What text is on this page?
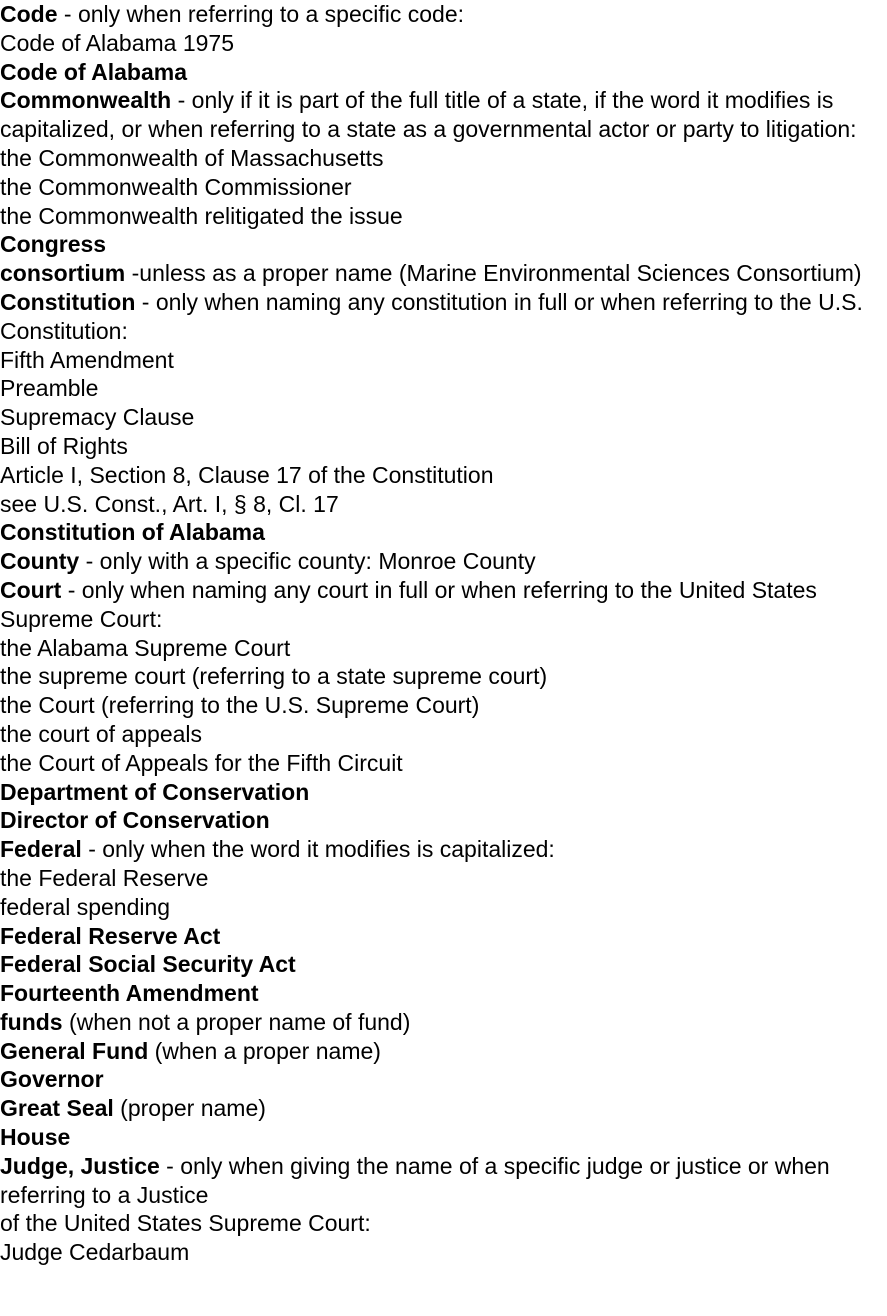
Code - only when referring to a specific code:
Code of Alabama 1975
Code of Alabama
Commonwealth - only if it is part of the full title of a state, if the word it modifies is capitalized, or when referring to a state as a governmental actor or party to litigation:
the Commonwealth of Massachusetts
the Commonwealth Commissioner
the Commonwealth relitigated the issue
Congress
consortium -unless as a proper name (Marine Environmental Sciences Consortium)
Constitution - only when naming any constitution in full or when referring to the U.S. Constitution:
Fifth Amendment
Preamble
Supremacy Clause
Bill of Rights
Article I, Section 8, Clause 17 of the Constitution
see U.S. Const., Art. I, § 8, Cl. 17
Constitution of Alabama
County - only with a specific county: Monroe County
Court - only when naming any court in full or when referring to the United States Supreme Court:
the Alabama Supreme Court
the supreme court (referring to a state supreme court)
the Court (referring to the U.S. Supreme Court)
the court of appeals
the Court of Appeals for the Fifth Circuit
Department of Conservation
Director of Conservation
Federal - only when the word it modifies is capitalized:
the Federal Reserve
federal spending
Federal Reserve Act
Federal Social Security Act
Fourteenth Amendment
funds (when not a proper name of fund)
General Fund (when a proper name)
Governor
Great Seal (proper name)
House
Judge, Justice - only when giving the name of a specific judge or justice or when referring to a Justice
of the United States Supreme Court:
Judge Cedarbaum
